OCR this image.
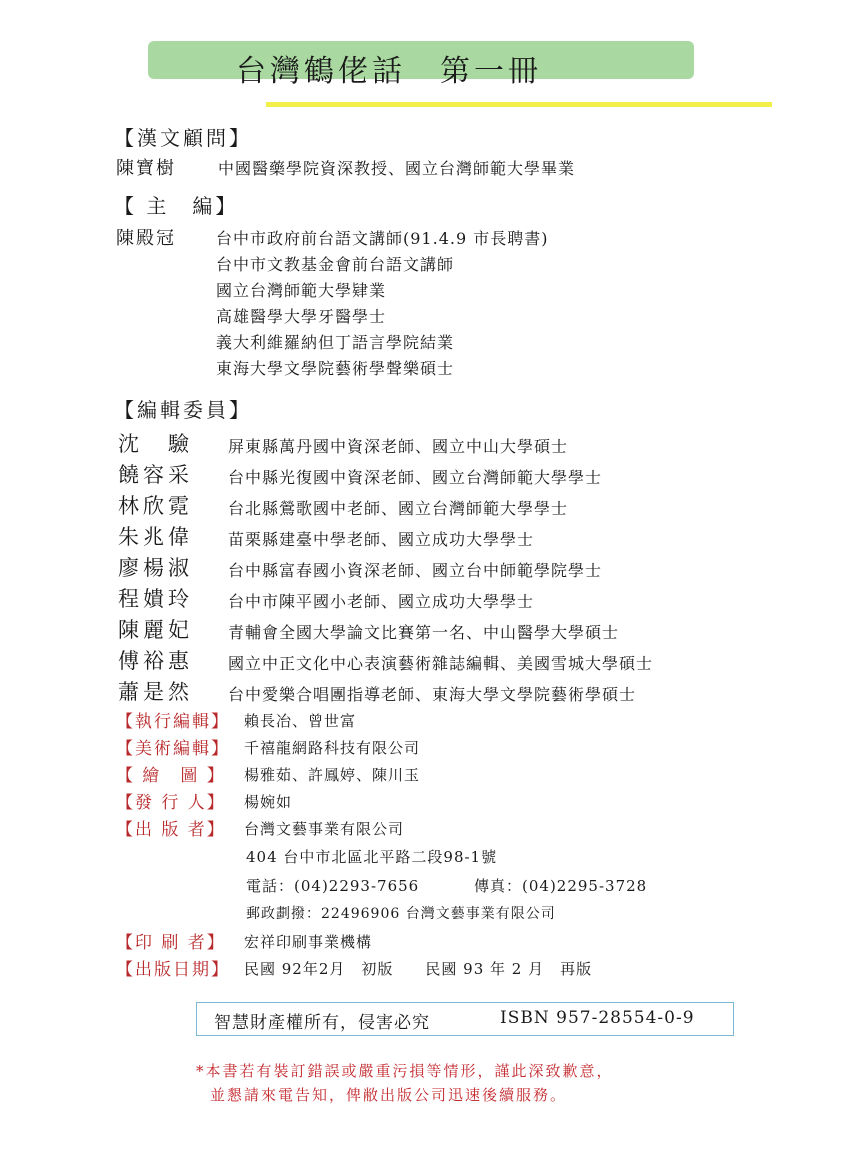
台灣鶴佬話　第一冊
【漢文顧問】
陳寶樹	中國醫藥學院資深教授、國立台灣師範大學畢業
【 主　編】
陳殿冠	台中市政府前台語文講師(91.4.9 市長聘書)
台中市文教基金會前台語文講師
國立台灣師範大學肄業
高雄醫學大學牙醫學士
義大利維羅納但丁語言學院結業
東海大學文學院藝術學聲樂碩士
【編輯委員】
沈　驗 屏東縣萬丹國中資深老師、國立中山大學碩士
饒容采 台中縣光復國中資深老師、國立台灣師範大學學士
林欣霓 台北縣鶯歌國中老師、國立台灣師範大學學士
朱兆偉 苗栗縣建臺中學老師、國立成功大學學士
廖楊淑 台中縣富春國小資深老師、國立台中師範學院學士
程嬇玲 台中市陳平國小老師、國立成功大學學士
陳麗妃 青輔會全國大學論文比賽第一名、中山醫學大學碩士
傅裕惠 國立中正文化中心表演藝術雜誌編輯、美國雪城大學碩士
蕭是然 台中愛樂合唱團指導老師、東海大學文學院藝術學碩士
【執行編輯】 賴長冶、曾世富
【美術編輯】 千禧龍網路科技有限公司
【 繪　圖 】 楊雅茹、許鳳婷、陳川玉
【發 行 人】 楊婉如
【出 版 者】 台灣文藝事業有限公司
404 台中市北區北平路二段98-1號
電話：(04)2293-7656	傳真：(04)2295-3728
郵政劃撥：22496906 台灣文藝事業有限公司
【印 刷 者】 宏祥印刷事業機構
【出版日期】 民國 92年2月　初版　　民國 93 年 2 月　再版
智慧財產權所有，侵害必究	ISBN 957-28554-0-9
*本書若有裝訂錯誤或嚴重污損等情形，謹此深致歉意，
並懇請來電告知，俾敝出版公司迅速後續服務。
